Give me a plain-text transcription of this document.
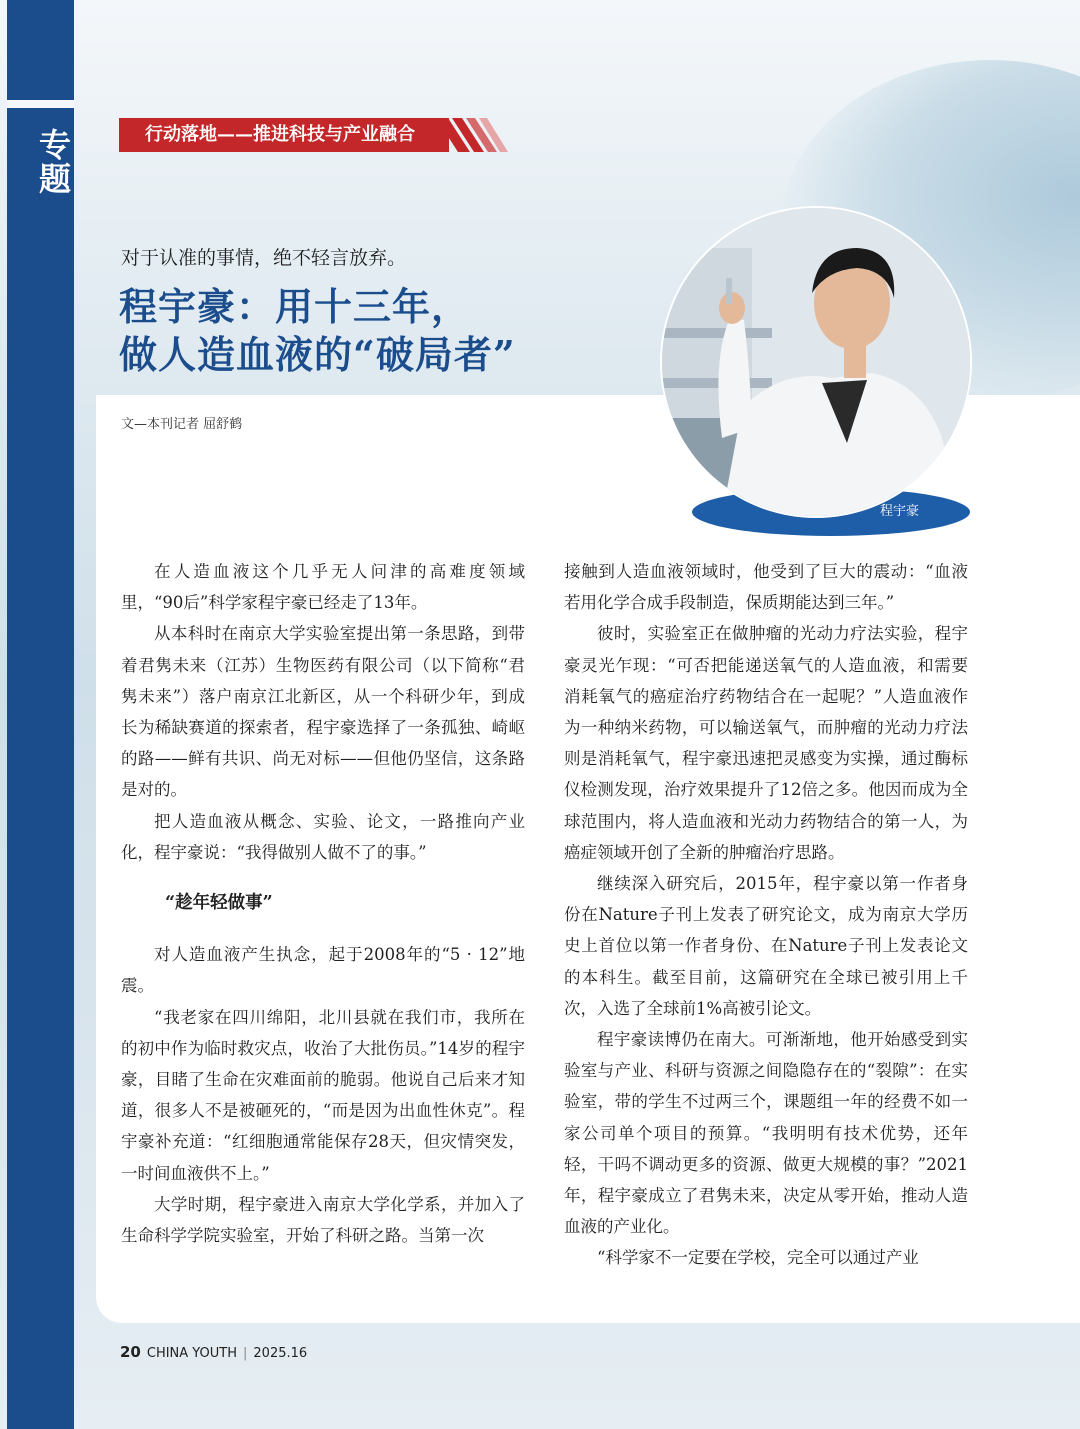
专题	行动落地——推进科技与产业融合
对于认准的事情，绝不轻言放弃。
程宇豪：用十三年，
做人造血液的“破局者”
文—本刊记者 屈舒鹤
程宇豪

在人造血液这个几乎无人问津的高难度领域里，“90后”科学家程宇豪已经走了13年。

从本科时在南京大学实验室提出第一条思路，到带着君隽未来（江苏）生物医药有限公司（以下简称“君隽未来”）落户南京江北新区，从一个科研少年，到成长为稀缺赛道的探索者，程宇豪选择了一条孤独、崎岖的路——鲜有共识、尚无对标——但他仍坚信，这条路是对的。

把人造血液从概念、实验、论文，一路推向产业化，程宇豪说：“我得做别人做不了的事。”

“趁年轻做事”

对人造血液产生执念，起于2008年的“5 · 12”地震。

“我老家在四川绵阳，北川县就在我们市，我所在的初中作为临时救灾点，收治了大批伤员。”14岁的程宇豪，目睹了生命在灾难面前的脆弱。他说自己后来才知道，很多人不是被砸死的，“而是因为出血性休克”。程宇豪补充道：“红细胞通常能保存28天，但灾情突发，一时间血液供不上。”

大学时期，程宇豪进入南京大学化学系，并加入了生命科学学院实验室，开始了科研之路。当第一次

接触到人造血液领域时，他受到了巨大的震动：“血液若用化学合成手段制造，保质期能达到三年。”

彼时，实验室正在做肿瘤的光动力疗法实验，程宇豪灵光乍现：“可否把能递送氧气的人造血液，和需要消耗氧气的癌症治疗药物结合在一起呢？”人造血液作为一种纳米药物，可以输送氧气，而肿瘤的光动力疗法则是消耗氧气，程宇豪迅速把灵感变为实操，通过酶标仪检测发现，治疗效果提升了12倍之多。他因而成为全球范围内，将人造血液和光动力药物结合的第一人，为癌症领域开创了全新的肿瘤治疗思路。

继续深入研究后，2015年，程宇豪以第一作者身份在Nature子刊上发表了研究论文，成为南京大学历史上首位以第一作者身份、在Nature子刊上发表论文的本科生。截至目前，这篇研究在全球已被引用上千次，入选了全球前1%高被引论文。

程宇豪读博仍在南大。可渐渐地，他开始感受到实验室与产业、科研与资源之间隐隐存在的“裂隙”：在实验室，带的学生不过两三个，课题组一年的经费不如一家公司单个项目的预算。“我明明有技术优势，还年轻，干吗不调动更多的资源、做更大规模的事？”2021年，程宇豪成立了君隽未来，决定从零开始，推动人造血液的产业化。

“科学家不一定要在学校，完全可以通过产业

20 CHINA YOUTH | 2025.16
